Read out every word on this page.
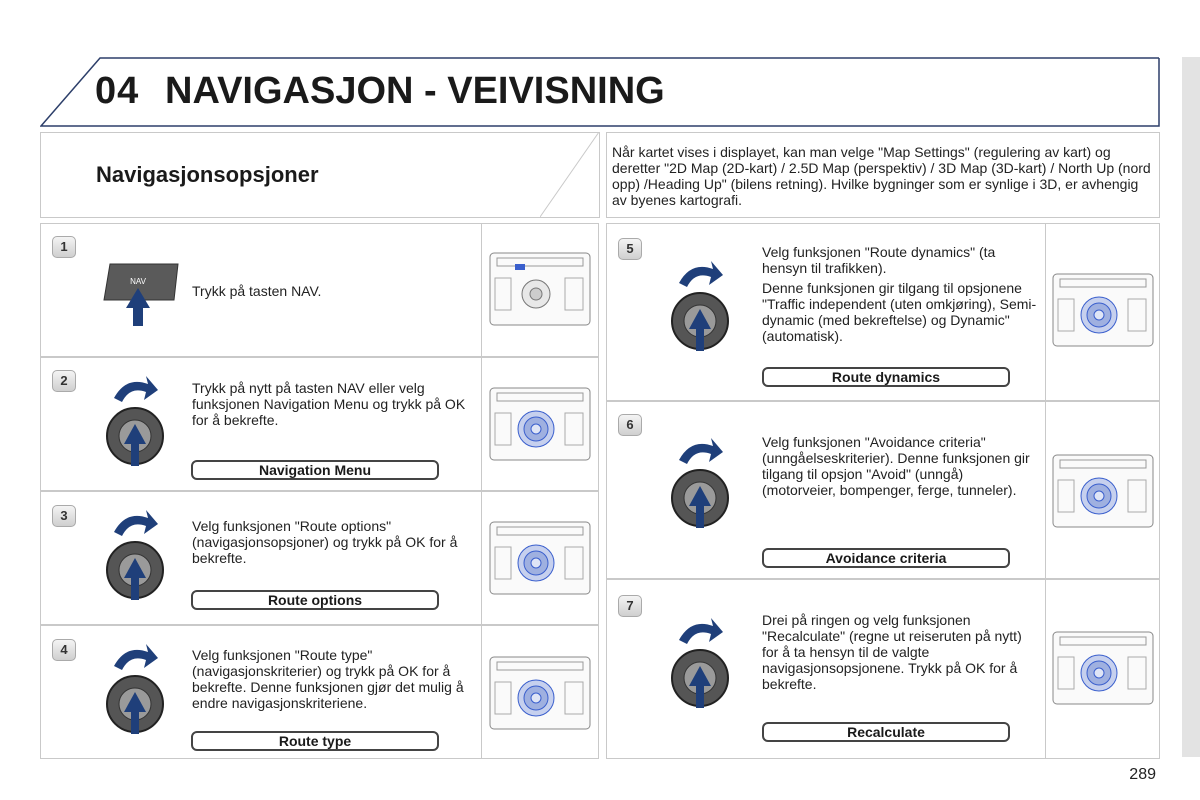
04 NAVIGASJON - VEIVISNING
Navigasjonsopsjoner
Når kartet vises i displayet, kan man velge "Map Settings" (regulering av kart) og deretter "2D Map (2D-kart) / 2.5D Map (perspektiv) / 3D Map (3D-kart) / North Up (nord opp) /Heading Up" (bilens retning). Hvilke bygninger som er synlige i 3D, er avhengig av byenes kartografi.
1
NAV
Trykk på tasten NAV.
2	Trykk på nytt på tasten NAV eller velg funksjonen Navigation Menu og trykk på OK for å bekrefte.
Navigation Menu
3
Velg funksjonen "Route options" (navigasjonsopsjoner) og trykk på OK for å bekrefte.
Route options
4	Velg funksjonen "Route type" (navigasjonskriterier) og trykk på OK for å bekrefte. Denne funksjonen gjør det mulig å endre navigasjonskriteriene.
Route type
5	Velg funksjonen "Route dynamics" (ta hensyn til trafikken).
Denne funksjonen gir tilgang til opsjonene "Traffic independent (uten omkjøring), Semi-dynamic (med bekreftelse) og Dynamic" (automatisk).
Route dynamics
6
Velg funksjonen "Avoidance criteria" (unngåelseskriterier). Denne funksjonen gir tilgang til opsjon "Avoid" (unngå) (motorveier, bompenger, ferge, tunneler).
Avoidance criteria
7
Drei på ringen og velg funksjonen "Recalculate" (regne ut reiseruten på nytt) for å ta hensyn til de valgte navigasjonsopsjonene. Trykk på OK for å bekrefte.
Recalculate
289
